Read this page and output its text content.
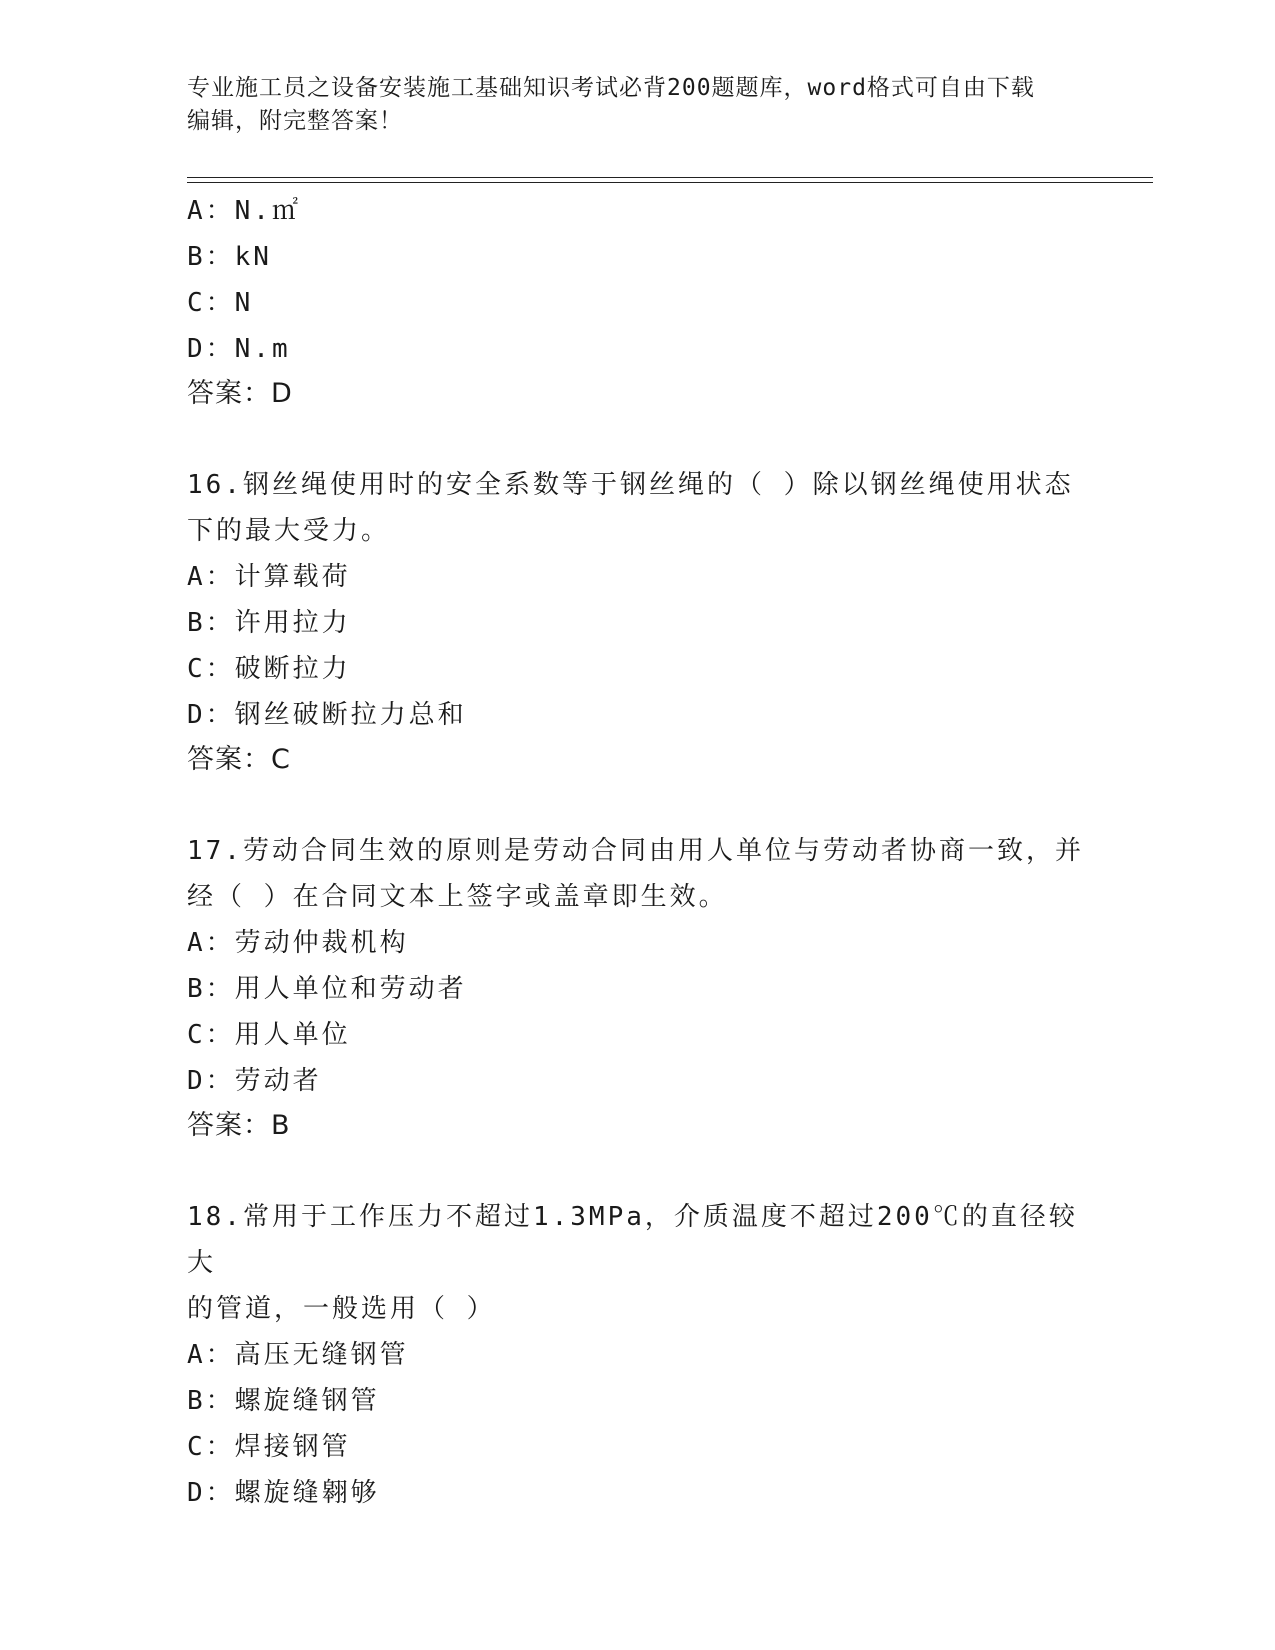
专业施工员之设备安装施工基础知识考试必背200题题库，word格式可自由下载
编辑，附完整答案！
A：N.㎡
B：kN
C：N
D：N.m
答案：D
16.钢丝绳使用时的安全系数等于钢丝绳的（ ）除以钢丝绳使用状态
下的最大受力。
A：计算载荷
B：许用拉力
C：破断拉力
D：钢丝破断拉力总和
答案：C
17.劳动合同生效的原则是劳动合同由用人单位与劳动者协商一致，并
经（ ）在合同文本上签字或盖章即生效。
A：劳动仲裁机构
B：用人单位和劳动者
C：用人单位
D：劳动者
答案：B
18.常用于工作压力不超过1.3MPa，介质温度不超过200℃的直径较大
的管道，一般选用（ ）
A：高压无缝钢管
B：螺旋缝钢管
C：焊接钢管
D：螺旋缝翱够
